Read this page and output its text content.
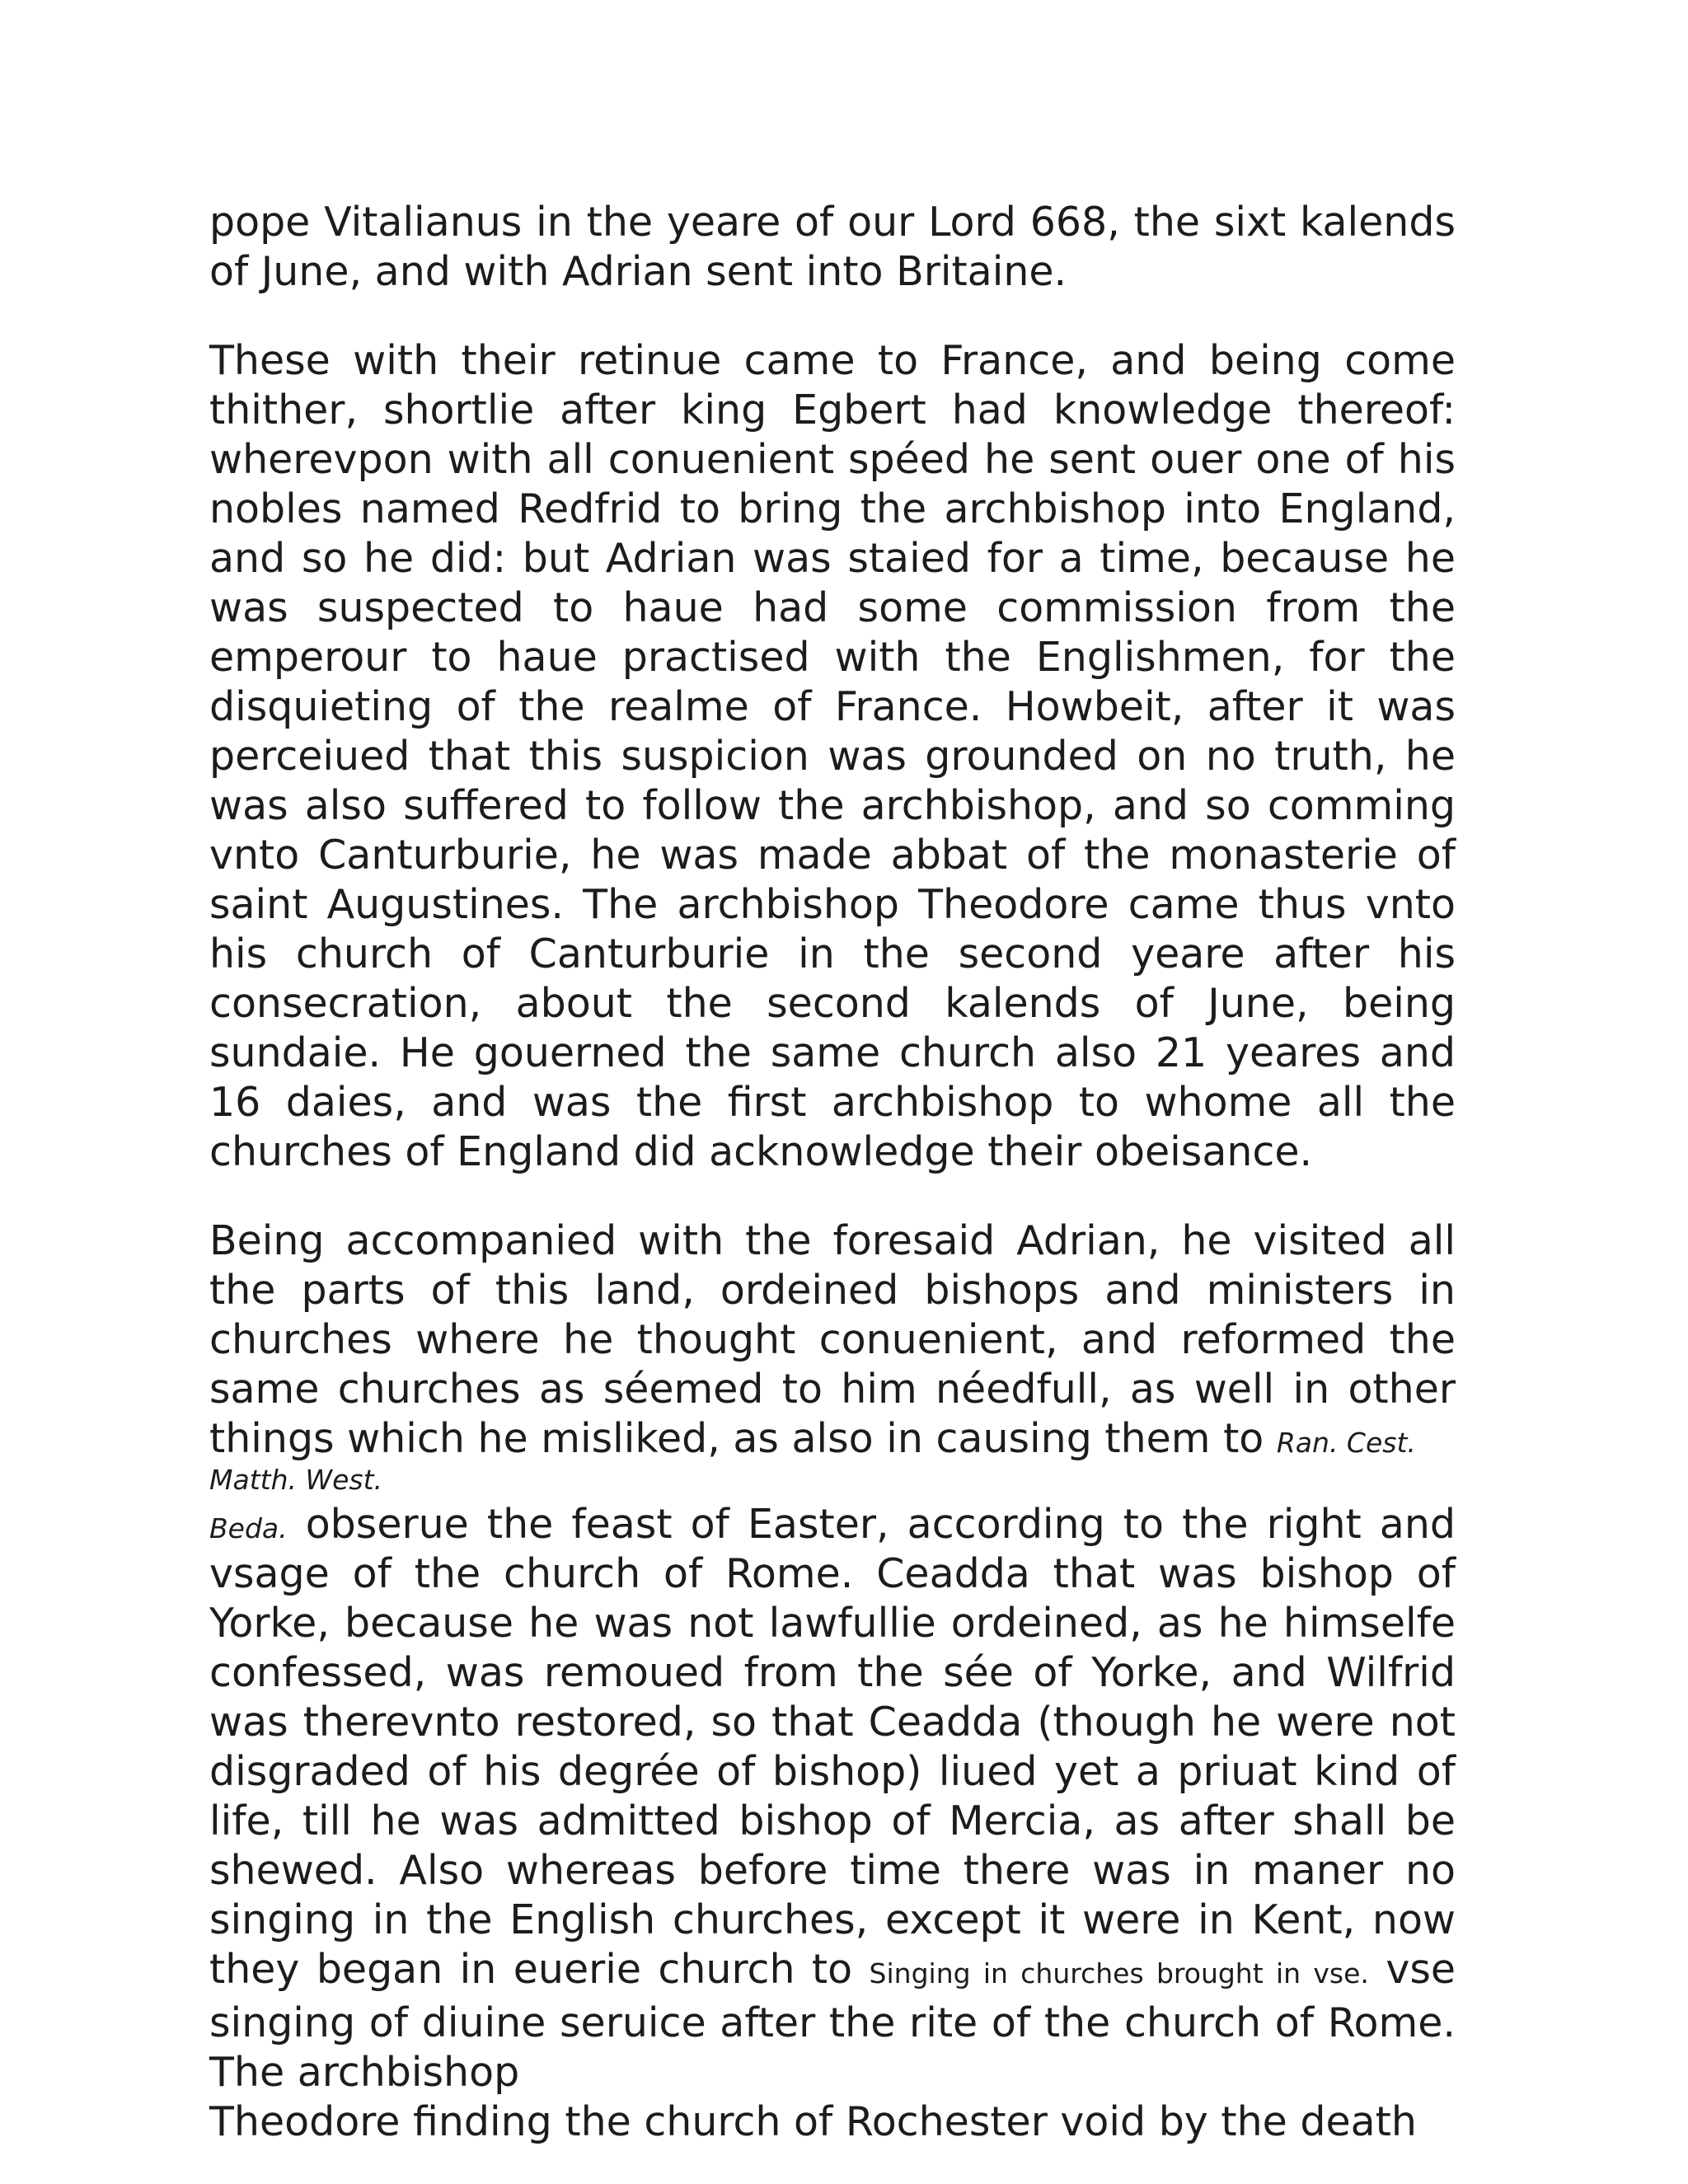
pope Vitalianus in the yeare of our Lord 668, the sixt kalends of June, and with Adrian sent into Britaine.

These with their retinue came to France, and being come thither, shortlie after king Egbert had knowledge thereof: wherevpon with all conuenient spéed he sent ouer one of his nobles named Redfrid to bring the archbishop into England, and so he did: but Adrian was staied for a time, because he was suspected to haue had some commission from the emperour to haue practised with the Englishmen, for the disquieting of the realme of France. Howbeit, after it was perceiued that this suspicion was grounded on no truth, he was also suffered to follow the archbishop, and so comming vnto Canturburie, he was made abbat of the monasterie of saint Augustines. The archbishop Theodore came thus vnto his church of Canturburie in the second yeare after his consecration, about the second kalends of June, being sundaie. He gouerned the same church also 21 yeares and 16 daies, and was the first archbishop to whome all the churches of England did acknowledge their obeisance.

Being accompanied with the foresaid Adrian, he visited all the parts of this land, ordeined bishops and ministers in churches where he thought conuenient, and reformed the same churches as séemed to him néedfull, as well in other things which he misliked, as also in causing them to Ran. Cest.

Matth. West.

Beda. obserue the feast of Easter, according to the right and vsage of the church of Rome. Ceadda that was bishop of Yorke, because he was not lawfullie ordeined, as he himselfe confessed, was remoued from the sée of Yorke, and Wilfrid was therevnto restored, so that Ceadda (though he were not disgraded of his degrée of bishop) liued yet a priuat kind of life, till he was admitted bishop of Mercia, as after shall be shewed. Also whereas before time there was in maner no singing in the English churches, except it were in Kent, now they began in euerie church to Singing in churches brought in vse. vse singing of diuine seruice after the rite of the church of Rome. The archbishop

Theodore finding the church of Rochester void by the death
